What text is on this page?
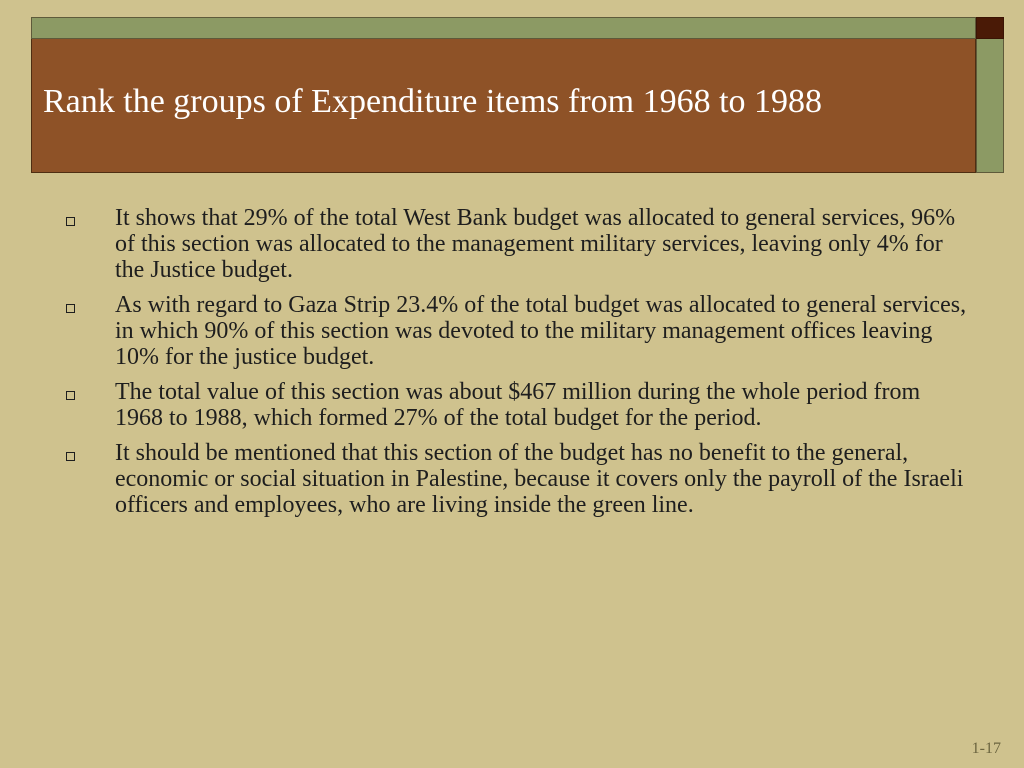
Rank the groups of Expenditure items from 1968 to 1988
It shows that 29% of the total West Bank budget was allocated to general services, 96% of this section was allocated to the management military services, leaving only 4% for the Justice budget.
As with regard to Gaza Strip 23.4% of the total budget was allocated to general services, in which 90% of this section was devoted to the military management offices leaving 10% for the justice budget.
The total value of this section was about $467 million during the whole period from 1968 to 1988, which formed 27% of the total budget for the period.
It should be mentioned that this section of the budget has no benefit to the general, economic or social situation in Palestine, because it covers only the payroll of the Israeli officers and employees, who are living inside the green line.
1-17
